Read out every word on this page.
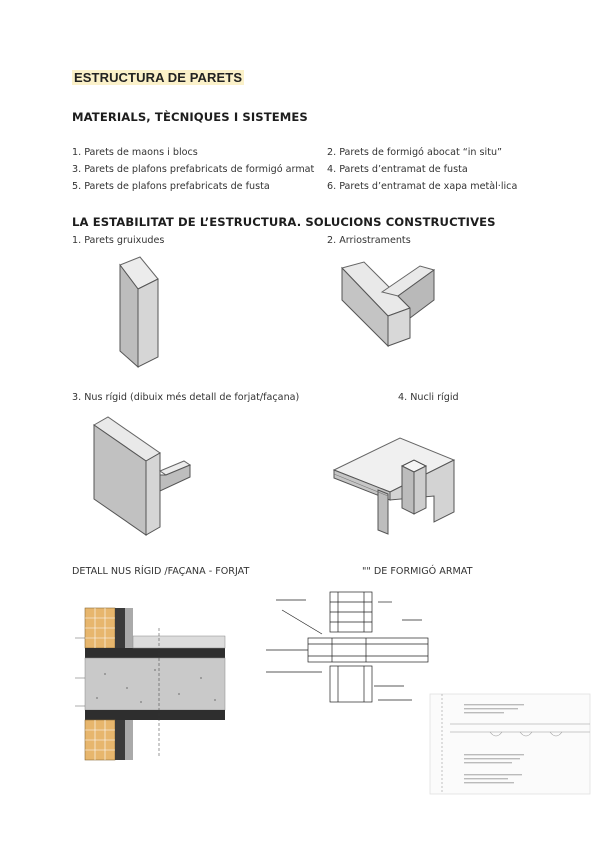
ESTRUCTURA DE PARETS
MATERIALS, TÈCNIQUES I SISTEMES
1. Parets de maons i blocs	2. Parets de formigó abocat “in situ”
3. Parets de plafons prefabricats de formigó armat 4. Parets d’entramat de fusta
5. Parets de plafons prefabricats de fusta	6. Parets d’entramat de xapa metàl·lica
LA ESTABILITAT DE L’ESTRUCTURA. SOLUCIONS CONSTRUCTIVES
1. Parets gruixudes	2. Arriostraments
3. Nus rígid (dibuix més detall de forjat/façana)	4. Nucli rígid
DETALL NUS RÍGID /FAÇANA - FORJAT	"" DE FORMIGÓ ARMAT
